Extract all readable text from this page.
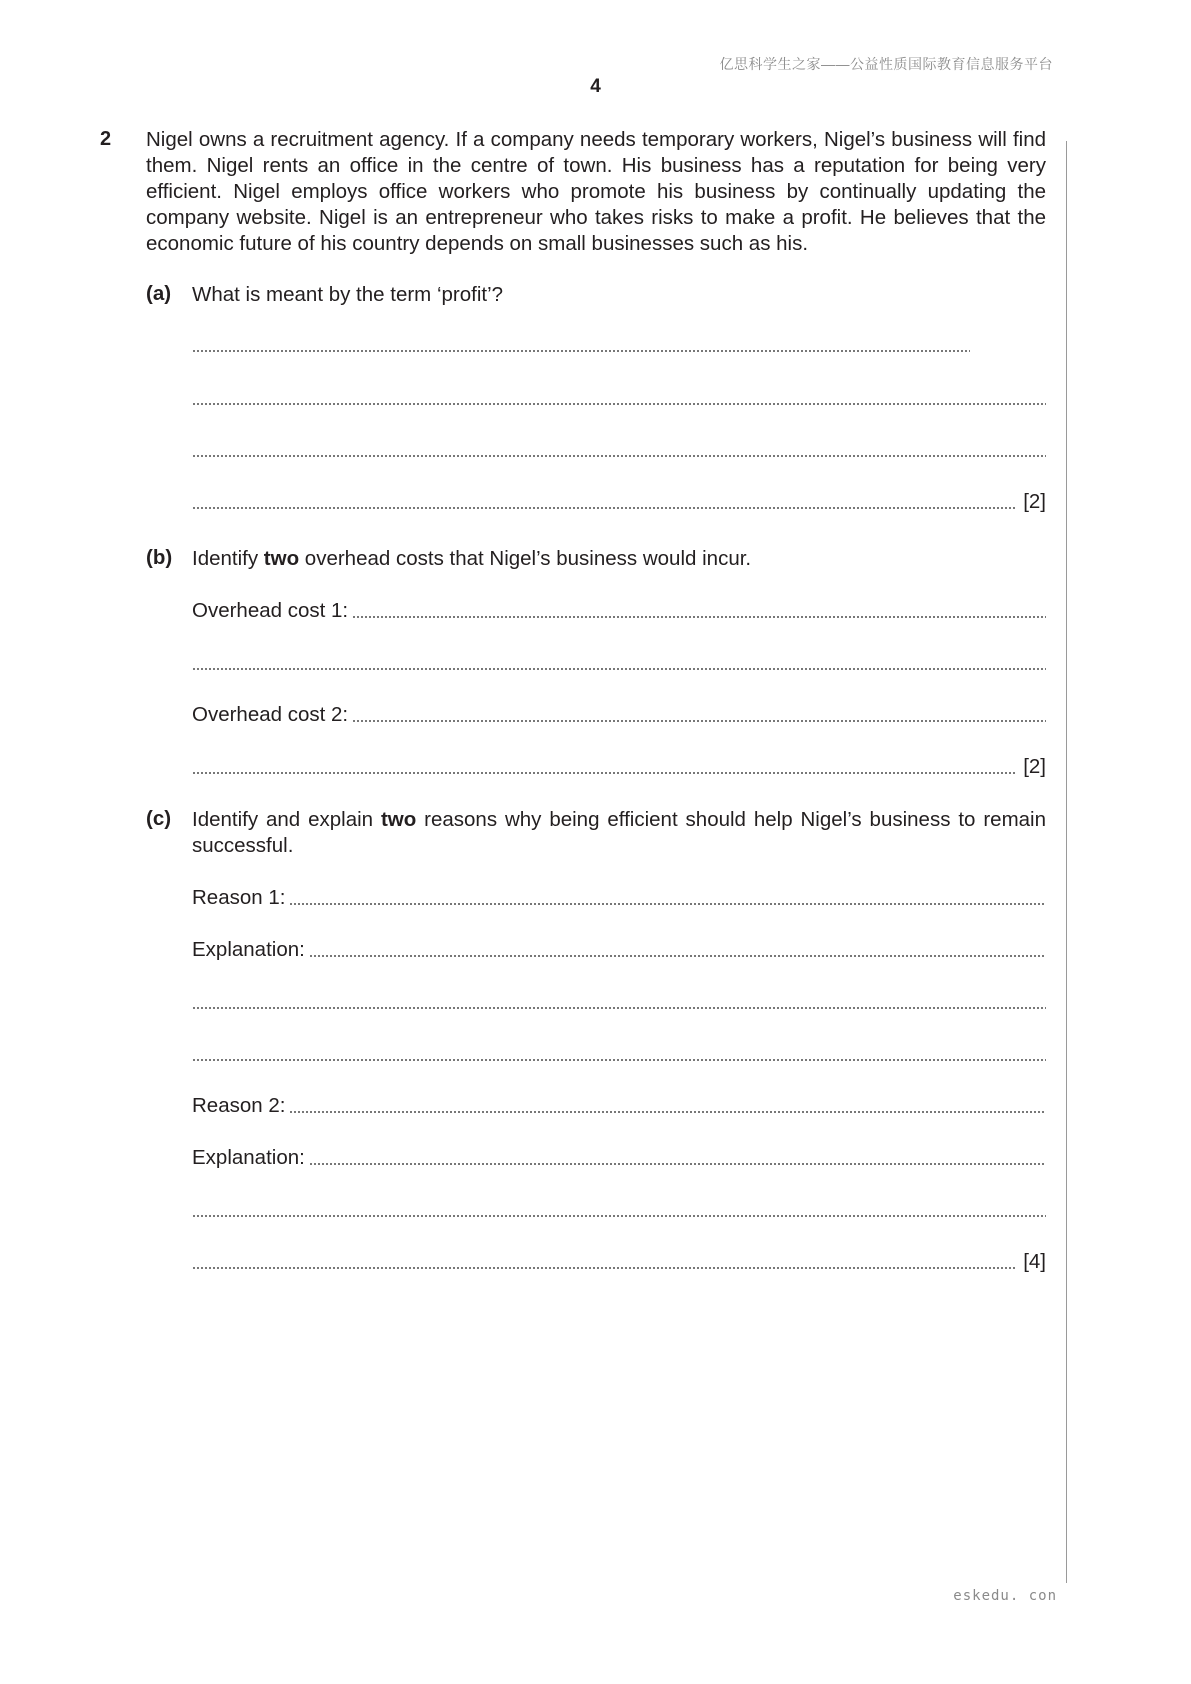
亿思科学生之家——公益性质国际教育信息服务平台
4
2 Nigel owns a recruitment agency. If a company needs temporary workers, Nigel’s business will find them. Nigel rents an office in the centre of town. His business has a reputation for being very efficient. Nigel employs office workers who promote his business by continually updating the company website. Nigel is an entrepreneur who takes risks to make a profit. He believes that the economic future of his country depends on small businesses such as his.

(a) What is meant by the term ‘profit’?

[2]
(b) Identify two overhead costs that Nigel’s business would incur.

Overhead cost 1:
Overhead cost 2:
[2]
(c) Identify and explain two reasons why being efficient should help Nigel’s business to remain successful.

Reason 1:
Explanation:
Reason 2:
Explanation:
[4]
eskedu. con
